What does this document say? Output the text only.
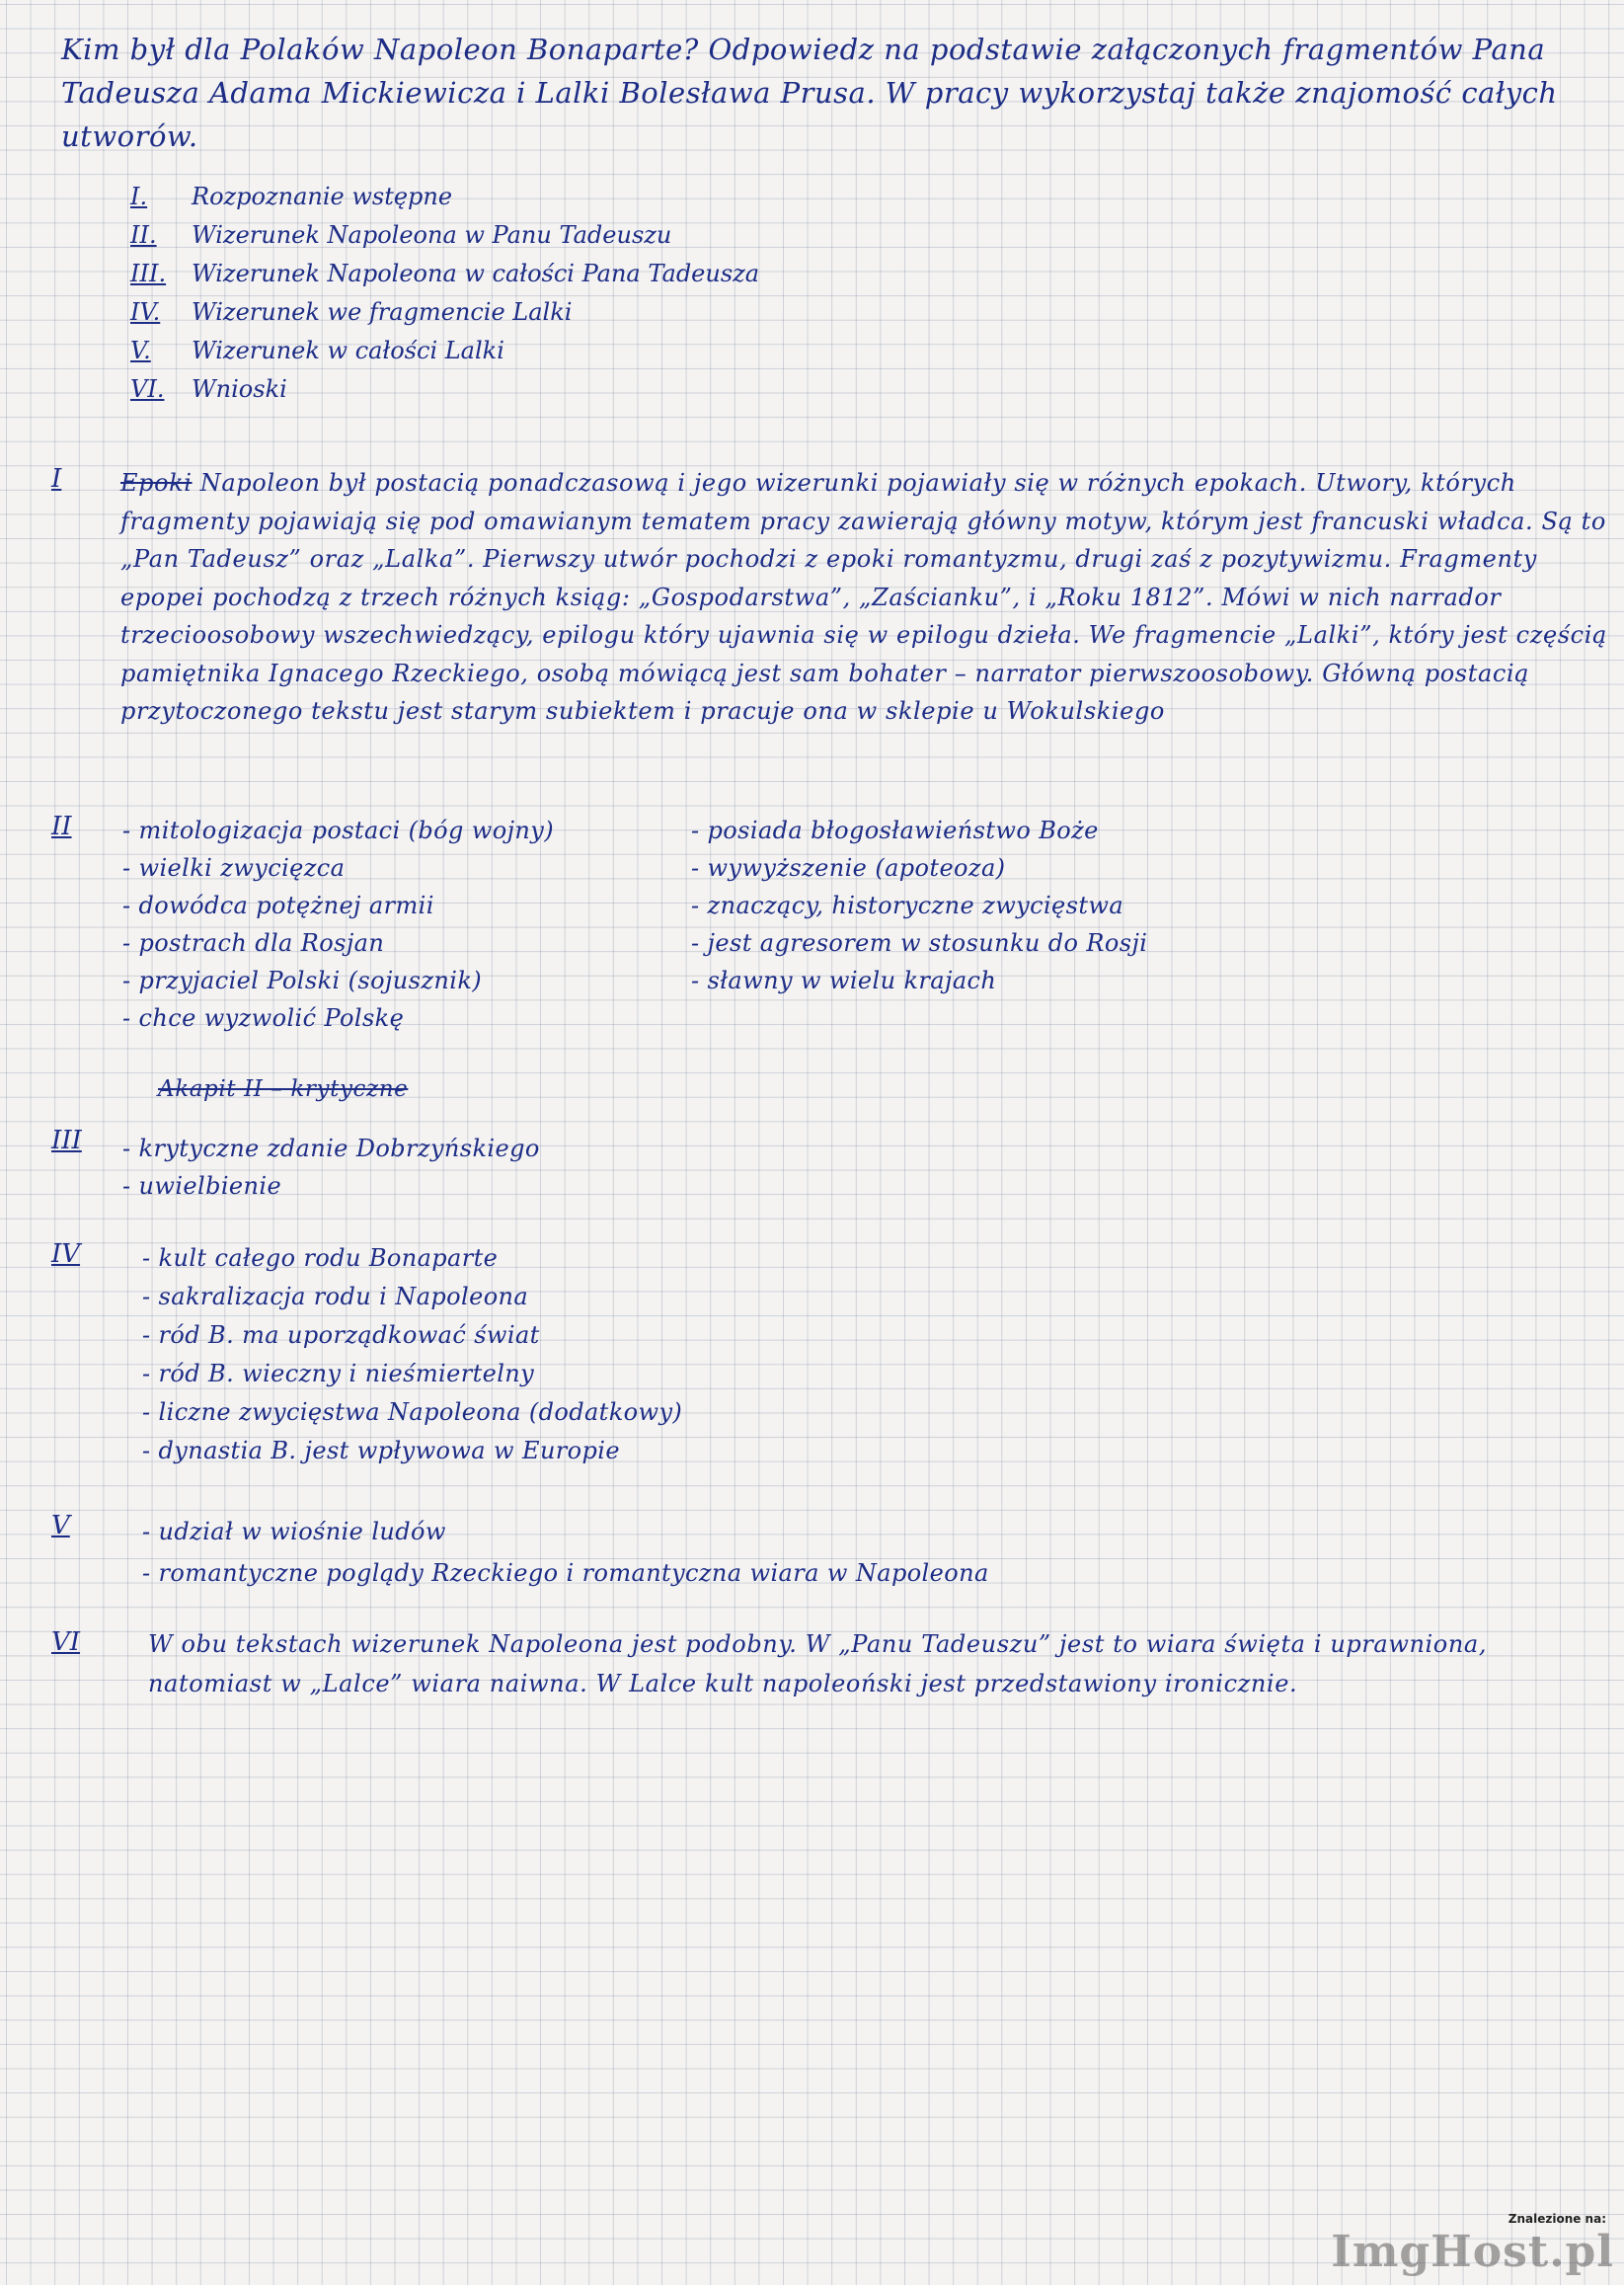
Kim był dla Polaków Napoleon Bonaparte? Odpowiedz na podstawie załączonych fragmentów Pana Tadeusza Adama Mickiewicza i Lalki Bolesława Prusa. W pracy wykorzystaj także znajomość całych utworów.
I. Rozpoznanie wstępne
II. Wizerunek Napoleona w Panu Tadeuszu
III. Wizerunek Napoleona w całości Pana Tadeusza
IV. Wizerunek we fragmencie Lalki
V. Wizerunek w całości Lalki
VI. Wnioski
I	Epoki Napoleon był postacią ponadczasową i jego wizerunki pojawiały się w różnych epokach. Utwory, których fragmenty pojawiają się pod omawianym tematem pracy zawierają główny motyw, którym jest francuski władca. Są to „Pan Tadeusz” oraz „Lalka”. Pierwszy utwór pochodzi z epoki romantyzmu, drugi zaś z pozytywizmu. Fragmenty epopei pochodzą z trzech różnych ksiąg: „Gospodarstwa”, „Zaścianku”, i „Roku 1812”. Mówi w nich narrador trzecioosobowy wszechwiedzący, epilogu który ujawnia się w epilogu dzieła. We fragmencie „Lalki”, który jest częścią pamiętnika Ignacego Rzeckiego, osobą mówiącą jest sam bohater – narrator pierwszoosobowy. Główną postacią przytoczonego tekstu jest starym subiektem i pracuje ona w sklepie u Wokulskiego
II	- mitologizacja postaci (bóg wojny)
- wielki zwycięzca
- dowódca potężnej armii
- postrach dla Rosjan
- przyjaciel Polski (sojusznik)
- chce wyzwolić Polskę
- posiada błogosławieństwo Boże
- wywyższenie (apoteoza)
- znaczący, historyczne zwycięstwa
- jest agresorem w stosunku do Rosji
- sławny w wielu krajach
Akapit II – krytyczne
III	- krytyczne zdanie Dobrzyńskiego
- uwielbienie
IV	- kult całego rodu Bonaparte
- sakralizacja rodu i Napoleona
- ród B. ma uporządkować świat
- ród B. wieczny i nieśmiertelny
- liczne zwycięstwa Napoleona (dodatkowy)
- dynastia B. jest wpływowa w Europie
V	- udział w wiośnie ludów
- romantyczne poglądy Rzeckiego i romantyczna wiara w Napoleona
VI	W obu tekstach wizerunek Napoleona jest podobny. W „Panu Tadeuszu” jest to wiara święta i uprawniona, natomiast w „Lalce” wiara naiwna. W Lalce kult napoleoński jest przedstawiony ironicznie.
Znalezione na:
ImgHost.pl
